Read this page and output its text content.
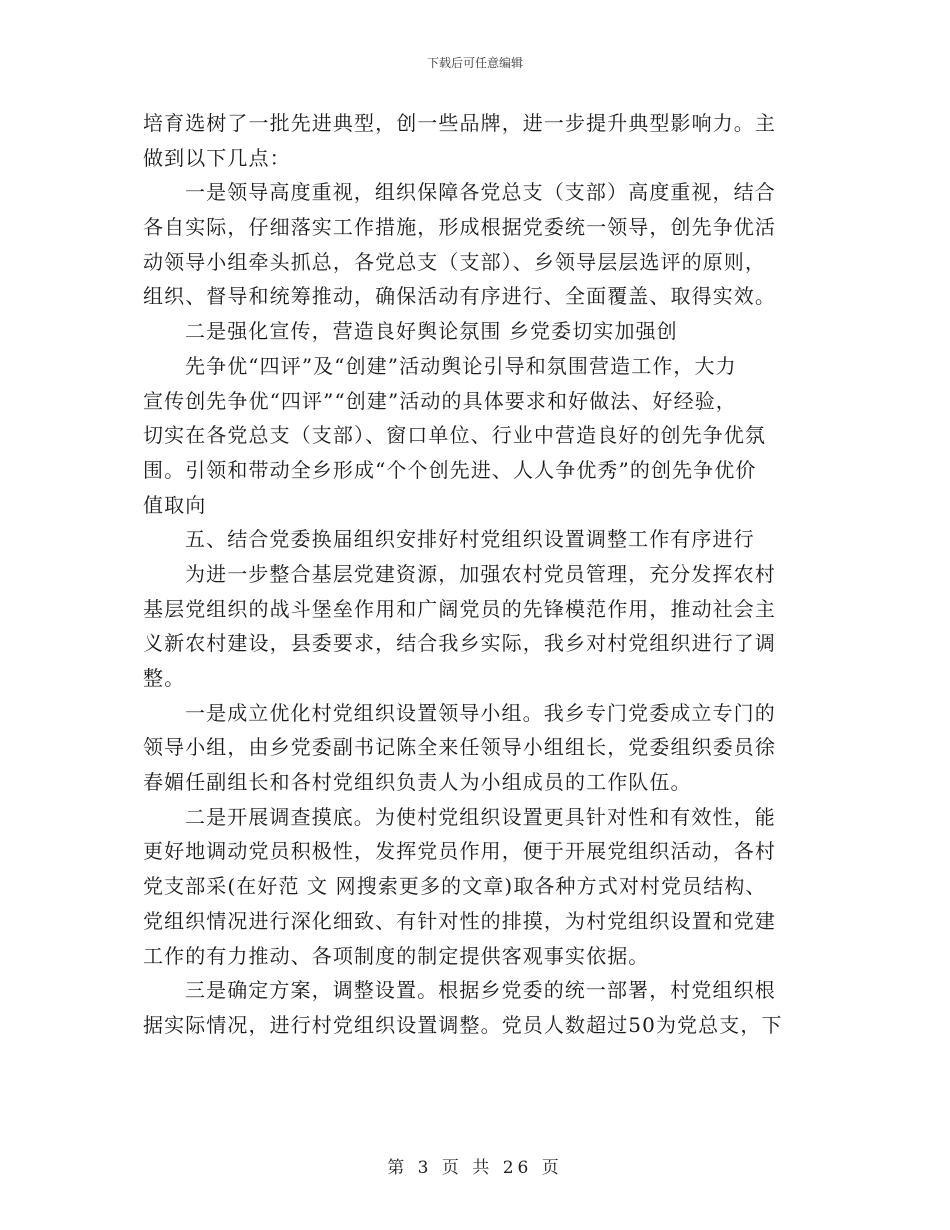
下载后可任意编辑
培育选树了一批先进典型，创一些品牌，进一步提升典型影响力。主
做到以下几点：
一是领导高度重视，组织保障各党总支（支部）高度重视，结合
各自实际，仔细落实工作措施，形成根据党委统一领导，创先争优活
动领导小组牵头抓总，各党总支（支部）、乡领导层层选评的原则，
组织、督导和统筹推动，确保活动有序进行、全面覆盖、取得实效。
二是强化宣传，营造良好舆论氛围 乡党委切实加强创
先争优“四评”及“创建”活动舆论引导和氛围营造工作，大力
宣传创先争优“四评”“创建”活动的具体要求和好做法、好经验，
切实在各党总支（支部）、窗口单位、行业中营造良好的创先争优氛
围。引领和带动全乡形成“个个创先进、人人争优秀”的创先争优价
值取向
五、结合党委换届组织安排好村党组织设置调整工作有序进行
为进一步整合基层党建资源，加强农村党员管理，充分发挥农村
基层党组织的战斗堡垒作用和广阔党员的先锋模范作用，推动社会主
义新农村建设，县委要求，结合我乡实际，我乡对村党组织进行了调
整。
一是成立优化村党组织设置领导小组。我乡专门党委成立专门的
领导小组，由乡党委副书记陈全来任领导小组组长，党委组织委员徐
春媚任副组长和各村党组织负责人为小组成员的工作队伍。
二是开展调查摸底。为使村党组织设置更具针对性和有效性，能
更好地调动党员积极性，发挥党员作用，便于开展党组织活动，各村
党支部采(在好范 文 网搜索更多的文章)取各种方式对村党员结构、
党组织情况进行深化细致、有针对性的排摸，为村党组织设置和党建
工作的有力推动、各项制度的制定提供客观事实依据。
三是确定方案，调整设置。根据乡党委的统一部署，村党组织根
据实际情况，进行村党组织设置调整。党员人数超过50为党总支，下
第 3 页 共 26 页
